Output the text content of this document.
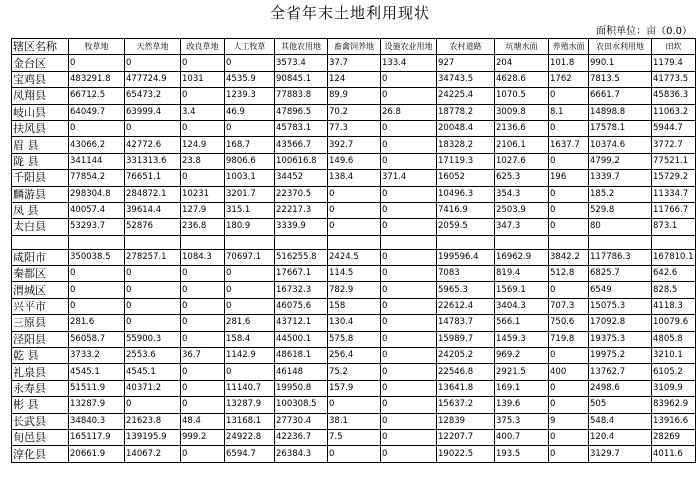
全省年末土地利用现状
面积单位：亩（0.0）
辖区名称	牧草地	天然草地	改良草地	人工牧草	其他农用地	畜禽饲养地	设施农业用地	农村道路	坑塘水面	养殖水面	农田水利用地	田坎
金台区	0	0	0	0	3573.4	37.7	133.4	927	204	101.8	990.1	1179.4
宝鸡县	483291.8	477724.9	1031	4535.9	90845.1	124	0	34743.5	4628.6	1762	7813.5	41773.5
凤翔县	66712.5	65473.2	0	1239.3	77883.8	89.9	0	24225.4	1070.5	0	6661.7	45836.3
岐山县	64049.7	63999.4	3.4	46.9	47896.5	70.2	26.8	18778.2	3009.8	8.1	14898.8	11063.2
扶风县	0	0	0	0	45783.1	77.3	0	20048.4	2136.6	0	17578.1	5944.7
眉 县	43066.2	42772.6	124.9	168.7	43566.7	392.7	0	18328.2	2106.1	1637.7	10374.6	3772.7
陇 县	341144	331313.6	23.8	9806.6	100616.8	149.6	0	17119.3	1027.6	0	4799.2	77521.1
千阳县	77854.2	76651.1	0	1003.1	34452	138.4	371.4	16052	625.3	196	1339.7	15729.2
麟游县	298304.8	284872.1	10231	3201.7	22370.5	0	0	10496.3	354.3	0	185.2	11334.7
凤 县	40057.4	39614.4	127.9	315.1	22217.3	0	0	7416.9	2503.9	0	529.8	11766.7
太白县	53293.7	52876	236.8	180.9	3339.9	0	0	2059.5	347.3	0	80	873.1

咸阳市	350038.5	278257.1	1084.3	70697.1	516255.8	2424.5	0	199596.4	16962.9	3842.2	117786.3	167810.1
秦都区	0	0	0	0	17667.1	114.5	0	7083	819.4	512.8	6825.7	642.6
渭城区	0	0	0	0	16732.3	782.9	0	5965.3	1569.1	0	6549	828.5
兴平市	0	0	0	0	46075.6	158	0	22612.4	3404.3	707.3	15075.3	4118.3
三原县	281.6	0	0	281.6	43712.1	130.4	0	14783.7	566.1	750.6	17092.8	10079.6
泾阳县	56058.7	55900.3	0	158.4	44500.1	575.8	0	15989.7	1459.3	719.8	19375.3	4805.8
乾 县	3733.2	2553.6	36.7	1142.9	48618.1	256.4	0	24205.2	969.2	0	19975.2	3210.1
礼泉县	4545.1	4545.1	0	0	46148	75.2	0	22546.8	2921.5	400	13762.7	6105.2
永寿县	51511.9	40371.2	0	11140.7	19950.8	157.9	0	13641.8	169.1	0	2498.6	3109.9
彬 县	13287.9	0	0	13287.9	100308.5	0	0	15637.2	139.6	0	505	83962.9
长武县	34840.3	21623.8	48.4	13168.1	27730.4	38.1	0	12839	375.3	9	548.4	13916.6
旬邑县	165117.9	139195.9	999.2	24922.8	42236.7	7.5	0	12207.7	400.7	0	120.4	28269
淳化县	20661.9	14067.2	0	6594.7	26384.3	0	0	19022.5	193.5	0	3129.7	4011.6
